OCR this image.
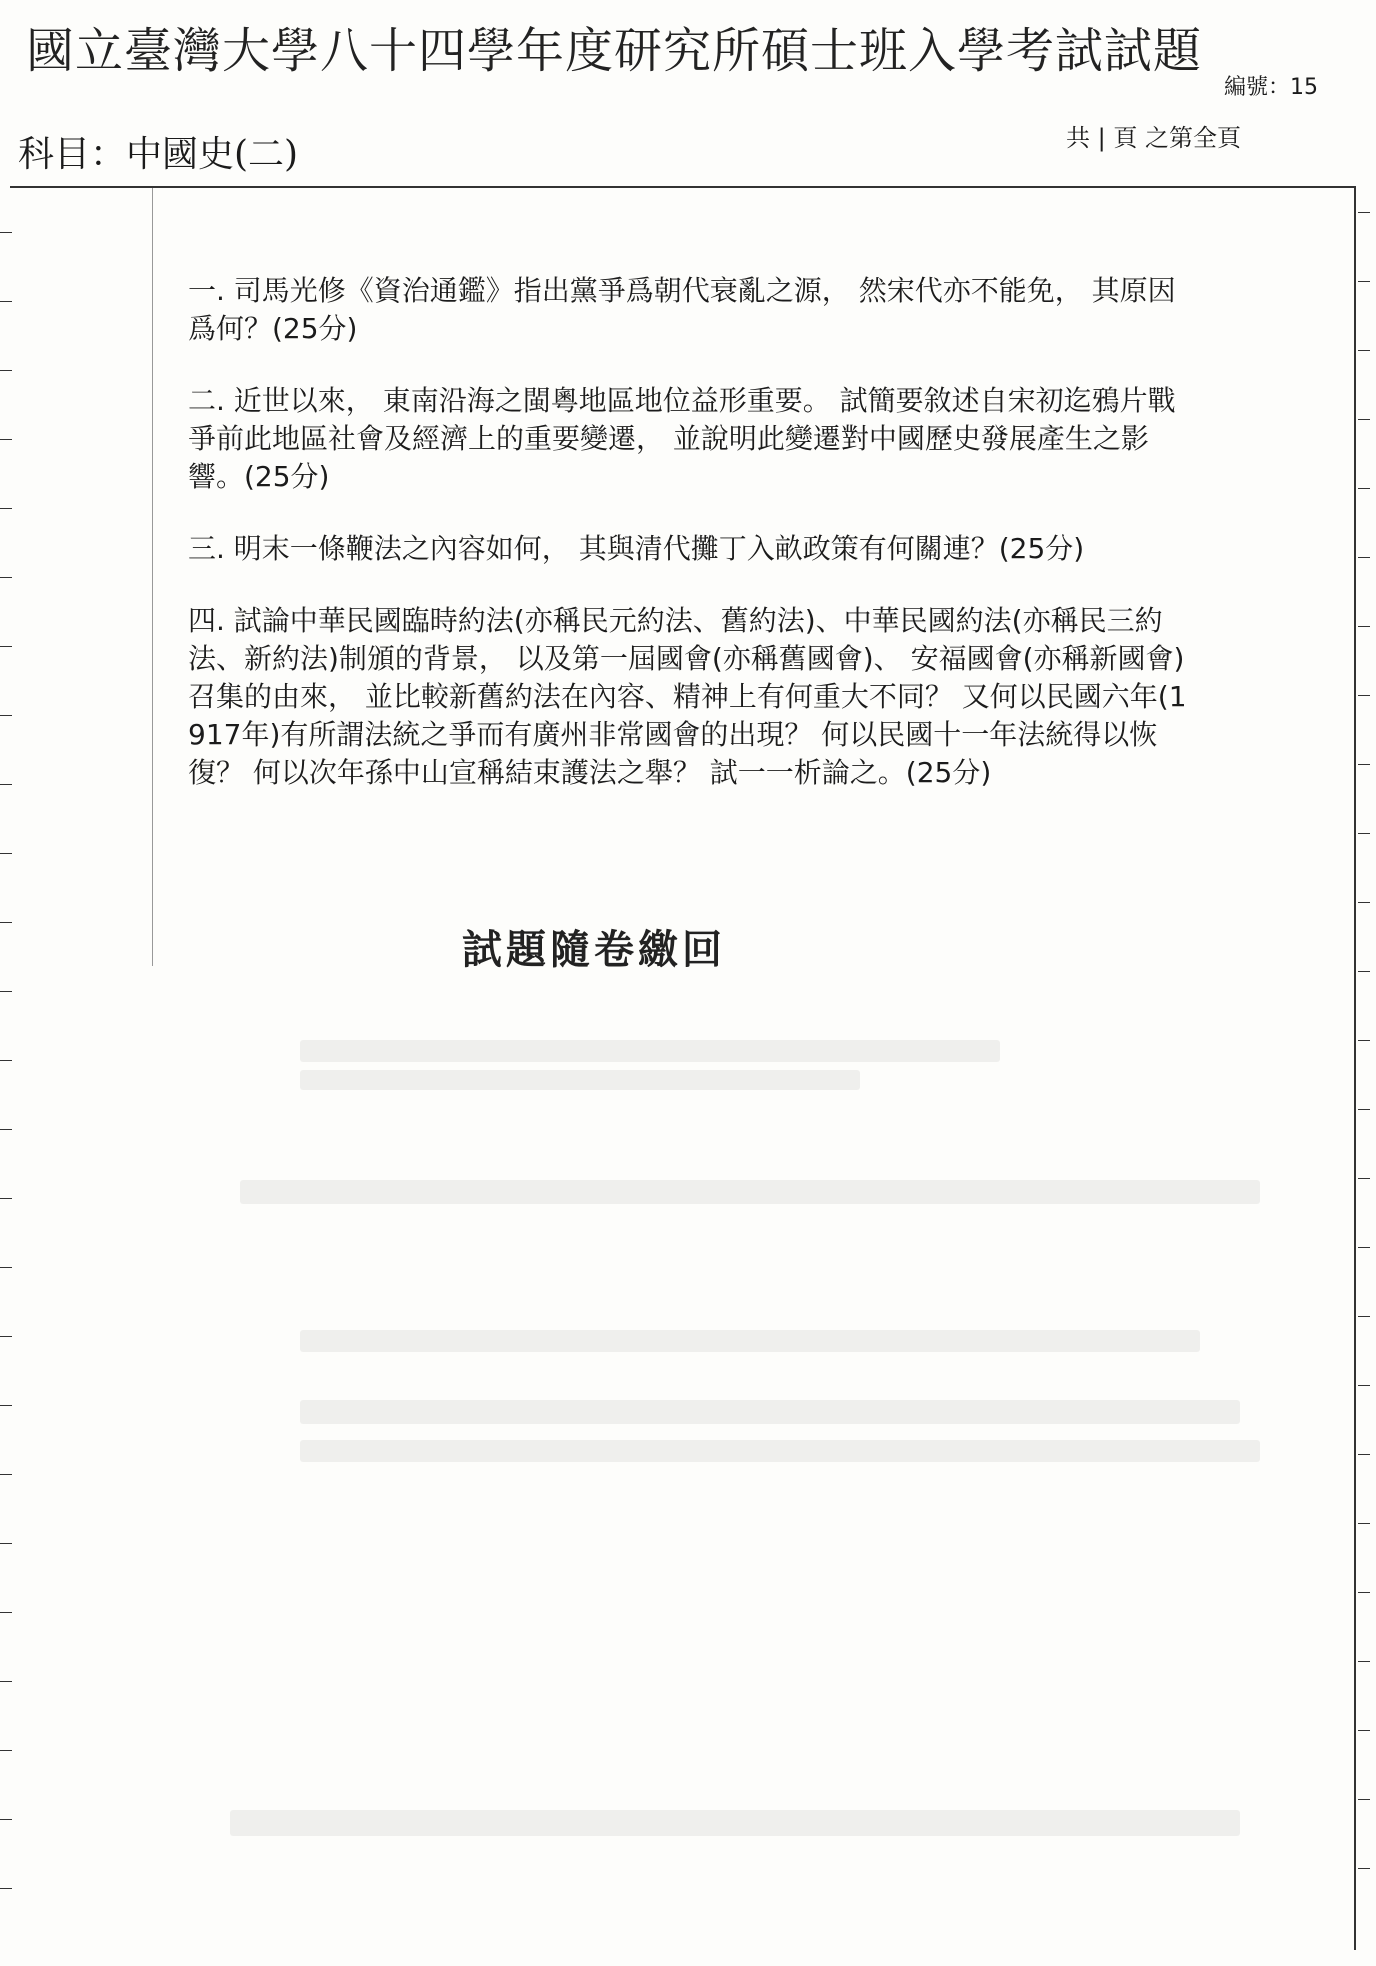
國立臺灣大學八十四學年度研究所碩士班入學考試試題
編號：15
科目：中國史(二)	共 | 頁 之第全頁

一. 司馬光修《資治通鑑》指出黨爭爲朝代衰亂之源， 然宋代亦不能免， 其原因爲何？(25分)

二. 近世以來， 東南沿海之閩粵地區地位益形重要。 試簡要敘述自宋初迄鴉片戰爭前此地區社會及經濟上的重要變遷， 並說明此變遷對中國歷史發展產生之影響。(25分)

三. 明末一條鞭法之內容如何， 其與清代攤丁入畝政策有何關連？(25分)

四. 試論中華民國臨時約法(亦稱民元約法、舊約法)、中華民國約法(亦稱民三約法、新約法)制頒的背景， 以及第一屆國會(亦稱舊國會)、 安福國會(亦稱新國會)召集的由來， 並比較新舊約法在內容、精神上有何重大不同？ 又何以民國六年(1917年)有所謂法統之爭而有廣州非常國會的出現？ 何以民國十一年法統得以恢復？ 何以次年孫中山宣稱結束護法之舉？ 試一一析論之。(25分)

試題隨卷繳回
